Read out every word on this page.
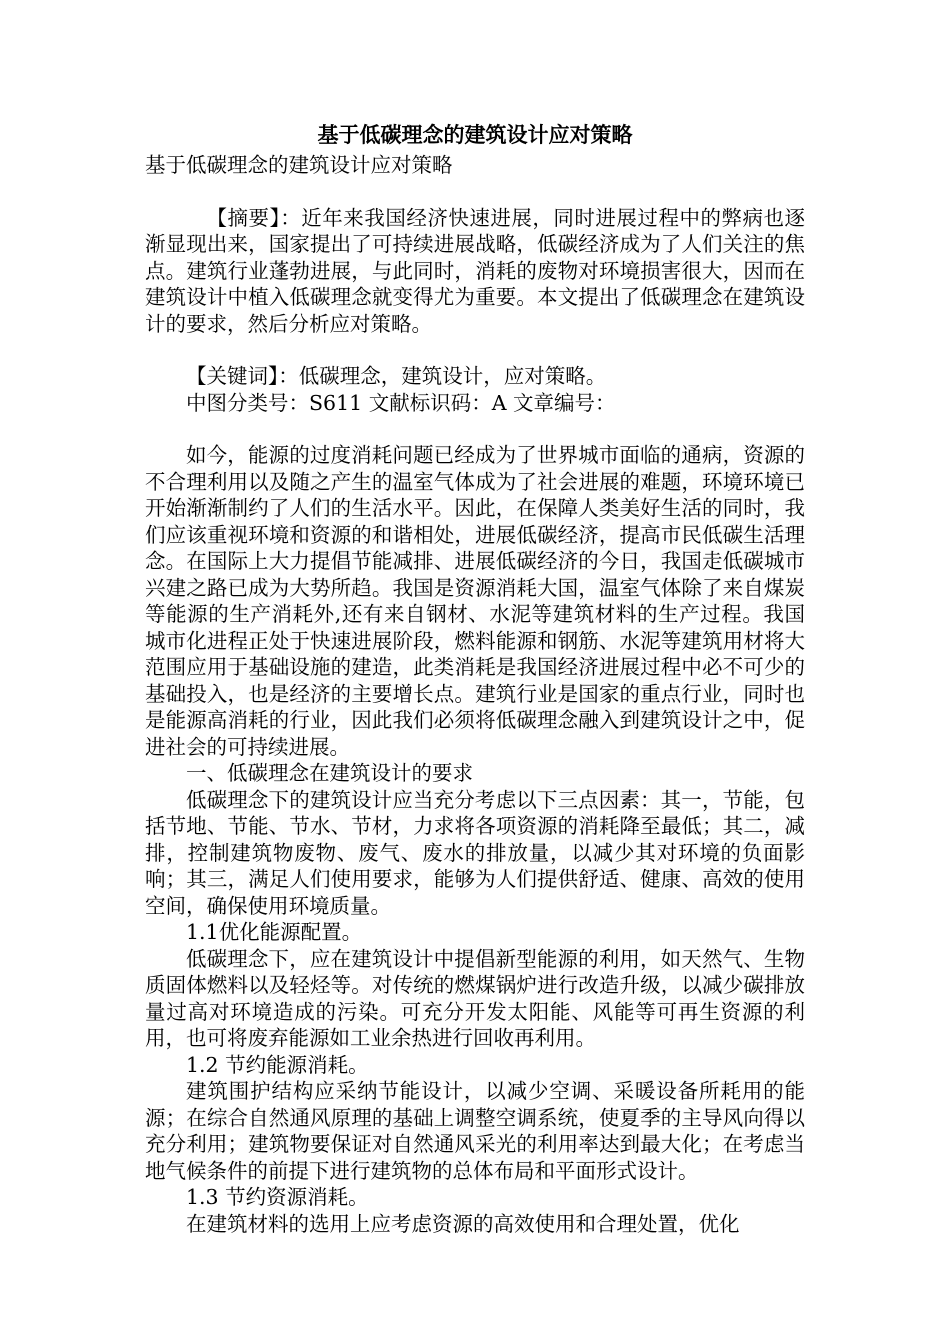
基于低碳理念的建筑设计应对策略

基于低碳理念的建筑设计应对策略

【摘要】：近年来我国经济快速进展，同时进展过程中的弊病也逐渐显现出来，国家提出了可持续进展战略，低碳经济成为了人们关注的焦点。建筑行业蓬勃进展，与此同时，消耗的废物对环境损害很大，因而在建筑设计中植入低碳理念就变得尤为重要。本文提出了低碳理念在建筑设计的要求，然后分析应对策略。

【关键词】：低碳理念，建筑设计，应对策略。

中图分类号：S611 文献标识码：A 文章编号：

如今，能源的过度消耗问题已经成为了世界城市面临的通病，资源的不合理利用以及随之产生的温室气体成为了社会进展的难题，环境环境已开始渐渐制约了人们的生活水平。因此，在保障人类美好生活的同时，我们应该重视环境和资源的和谐相处，进展低碳经济，提高市民低碳生活理念。在国际上大力提倡节能减排、进展低碳经济的今日，我国走低碳城市兴建之路已成为大势所趋。我国是资源消耗大国，温室气体除了来自煤炭等能源的生产消耗外,还有来自钢材、水泥等建筑材料的生产过程。我国城市化进程正处于快速进展阶段，燃料能源和钢筋、水泥等建筑用材将大范围应用于基础设施的建造，此类消耗是我国经济进展过程中必不可少的基础投入，也是经济的主要增长点。建筑行业是国家的重点行业，同时也是能源高消耗的行业，因此我们必须将低碳理念融入到建筑设计之中，促进社会的可持续进展。

一、低碳理念在建筑设计的要求

低碳理念下的建筑设计应当充分考虑以下三点因素：其一，节能，包括节地、节能、节水、节材，力求将各项资源的消耗降至最低；其二，减排，控制建筑物废物、废气、废水的排放量，以减少其对环境的负面影响；其三，满足人们使用要求，能够为人们提供舒适、健康、高效的使用空间，确保使用环境质量。

1.1优化能源配置。

低碳理念下，应在建筑设计中提倡新型能源的利用，如天然气、生物质固体燃料以及轻烃等。对传统的燃煤锅炉进行改造升级，以减少碳排放量过高对环境造成的污染。可充分开发太阳能、风能等可再生资源的利用，也可将废弃能源如工业余热进行回收再利用。

1.2 节约能源消耗。

建筑围护结构应采纳节能设计，以减少空调、采暖设备所耗用的能源；在综合自然通风原理的基础上调整空调系统，使夏季的主导风向得以充分利用；建筑物要保证对自然通风采光的利用率达到最大化；在考虑当地气候条件的前提下进行建筑物的总体布局和平面形式设计。

1.3 节约资源消耗。

在建筑材料的选用上应考虑资源的高效使用和合理处置，优化
